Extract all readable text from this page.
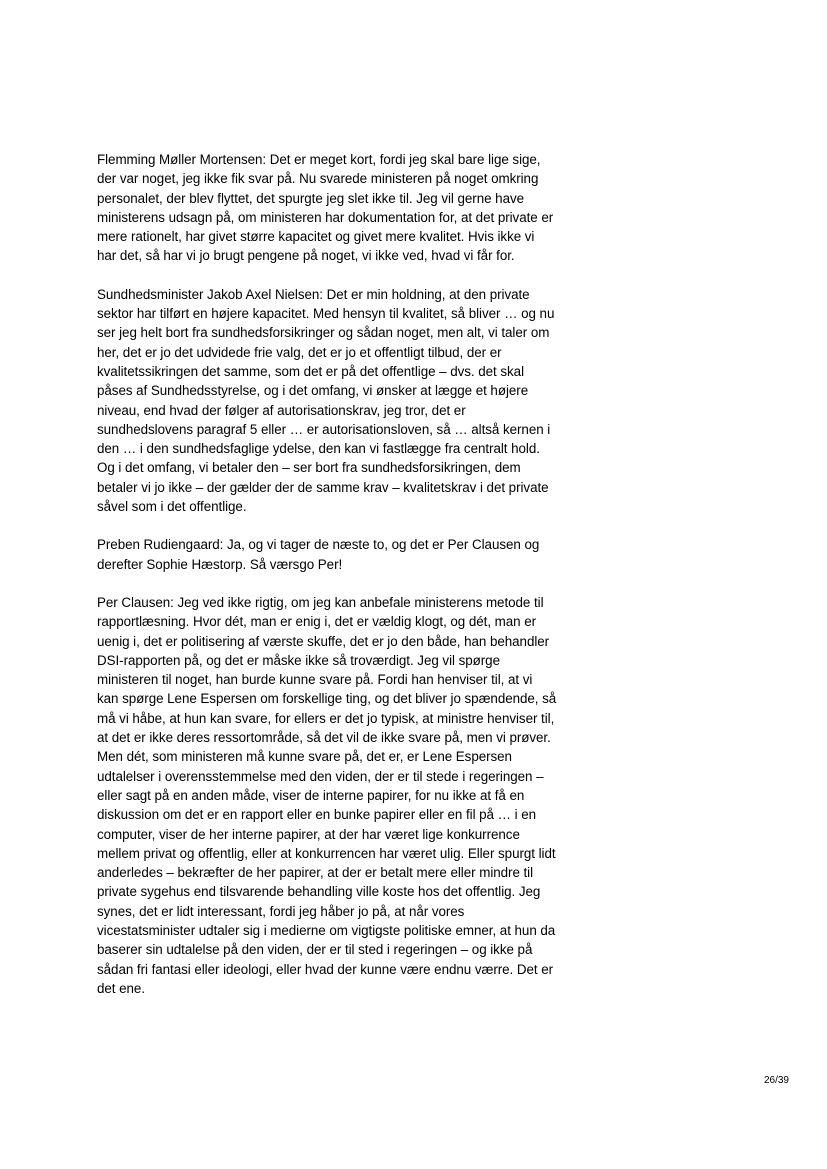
Flemming Møller Mortensen: Det er meget kort, fordi jeg skal bare lige sige,
der var noget, jeg ikke fik svar på. Nu svarede ministeren på noget omkring
personalet, der blev flyttet, det spurgte jeg slet ikke til. Jeg vil gerne have
ministerens udsagn på, om ministeren har dokumentation for, at det private er
mere rationelt, har givet større kapacitet og givet mere kvalitet. Hvis ikke vi
har det, så har vi jo brugt pengene på noget, vi ikke ved, hvad vi får for.

Sundhedsminister Jakob Axel Nielsen: Det er min holdning, at den private
sektor har tilført en højere kapacitet. Med hensyn til kvalitet, så bliver … og nu
ser jeg helt bort fra sundhedsforsikringer og sådan noget, men alt, vi taler om
her, det er jo det udvidede frie valg, det er jo et offentligt tilbud, der er
kvalitetssikringen det samme, som det er på det offentlige – dvs. det skal
påses af Sundhedsstyrelse, og i det omfang, vi ønsker at lægge et højere
niveau, end hvad der følger af autorisationskrav, jeg tror, det er
sundhedslovens paragraf 5 eller … er autorisationsloven, så … altså kernen i
den … i den sundhedsfaglige ydelse, den kan vi fastlægge fra centralt hold.
Og i det omfang, vi betaler den – ser bort fra sundhedsforsikringen, dem
betaler vi jo ikke – der gælder der de samme krav – kvalitetskrav i det private
såvel som i det offentlige.

Preben Rudiengaard: Ja, og vi tager de næste to, og det er Per Clausen og
derefter Sophie Hæstorp. Så værsgo Per!

Per Clausen: Jeg ved ikke rigtig, om jeg kan anbefale ministerens metode til
rapportlæsning. Hvor dét, man er enig i, det er vældig klogt, og dét, man er
uenig i, det er politisering af værste skuffe, det er jo den både, han behandler
DSI-rapporten på, og det er måske ikke så troværdigt. Jeg vil spørge
ministeren til noget, han burde kunne svare på. Fordi han henviser til, at vi
kan spørge Lene Espersen om forskellige ting, og det bliver jo spændende, så
må vi håbe, at hun kan svare, for ellers er det jo typisk, at ministre henviser til,
at det er ikke deres ressortområde, så det vil de ikke svare på, men vi prøver.
Men dét, som ministeren må kunne svare på, det er, er Lene Espersen
udtalelser i overensstemmelse med den viden, der er til stede i regeringen –
eller sagt på en anden måde, viser de interne papirer, for nu ikke at få en
diskussion om det er en rapport eller en bunke papirer eller en fil på … i en
computer, viser de her interne papirer, at der har været lige konkurrence
mellem privat og offentlig, eller at konkurrencen har været ulig. Eller spurgt lidt
anderledes – bekræfter de her papirer, at der er betalt mere eller mindre til
private sygehus end tilsvarende behandling ville koste hos det offentlig. Jeg
synes, det er lidt interessant, fordi jeg håber jo på, at når vores
vicestatsminister udtaler sig i medierne om vigtigste politiske emner, at hun da
baserer sin udtalelse på den viden, der er til sted i regeringen – og ikke på
sådan fri fantasi eller ideologi, eller hvad der kunne være endnu værre. Det er
det ene.

26/39
